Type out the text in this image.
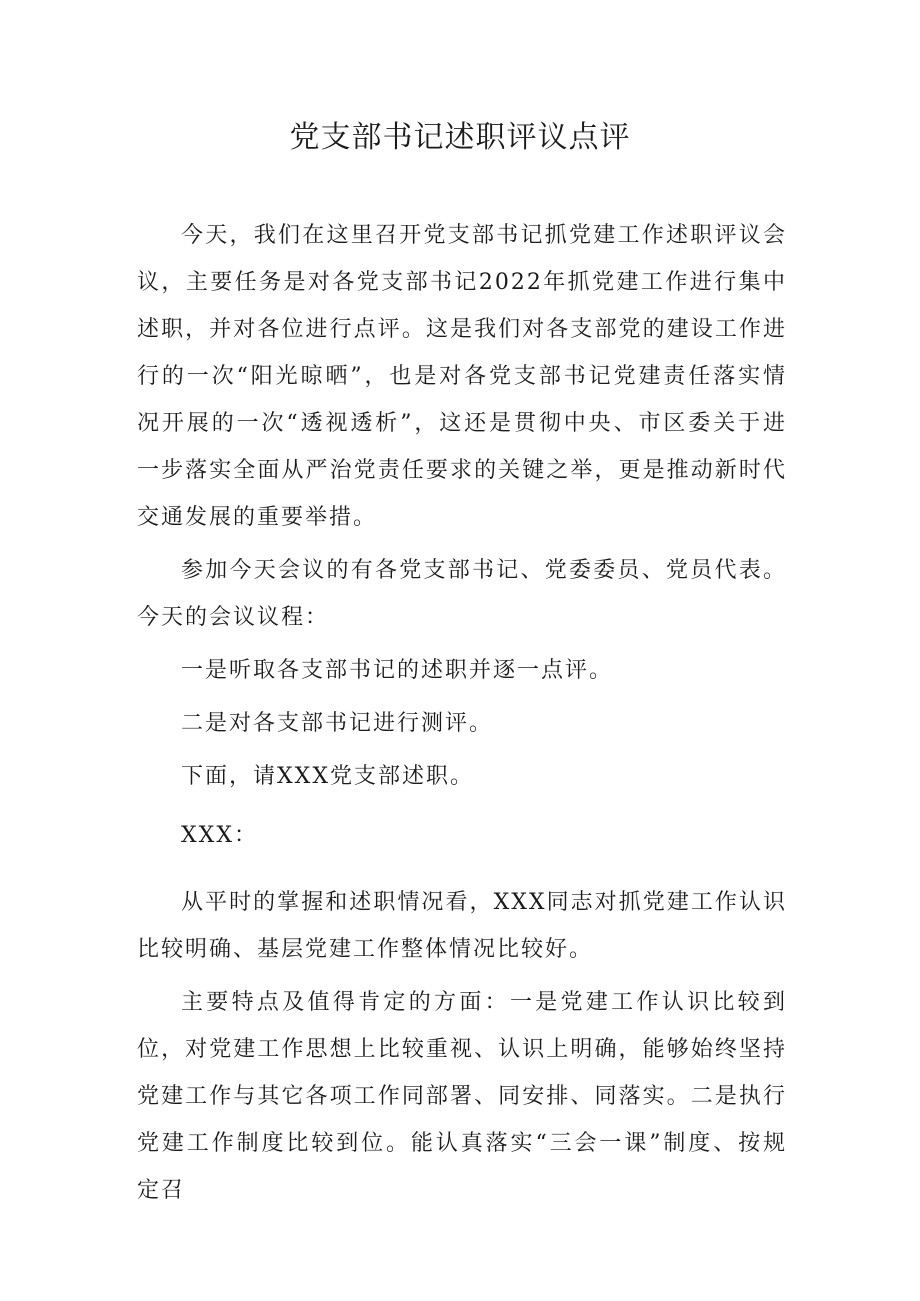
党支部书记述职评议点评

今天，我们在这里召开党支部书记抓党建工作述职评议会议，主要任务是对各党支部书记2022年抓党建工作进行集中述职，并对各位进行点评。这是我们对各支部党的建设工作进行的一次“阳光晾晒”，也是对各党支部书记党建责任落实情况开展的一次“透视透析”，这还是贯彻中央、市区委关于进一步落实全面从严治党责任要求的关键之举，更是推动新时代交通发展的重要举措。

参加今天会议的有各党支部书记、党委委员、党员代表。今天的会议议程：

一是听取各支部书记的述职并逐一点评。

二是对各支部书记进行测评。

下面，请XXX党支部述职。

XXX：

从平时的掌握和述职情况看，XXX同志对抓党建工作认识比较明确、基层党建工作整体情况比较好。

主要特点及值得肯定的方面：一是党建工作认识比较到位，对党建工作思想上比较重视、认识上明确，能够始终坚持党建工作与其它各项工作同部署、同安排、同落实。二是执行党建工作制度比较到位。能认真落实“三会一课”制度、按规定召
